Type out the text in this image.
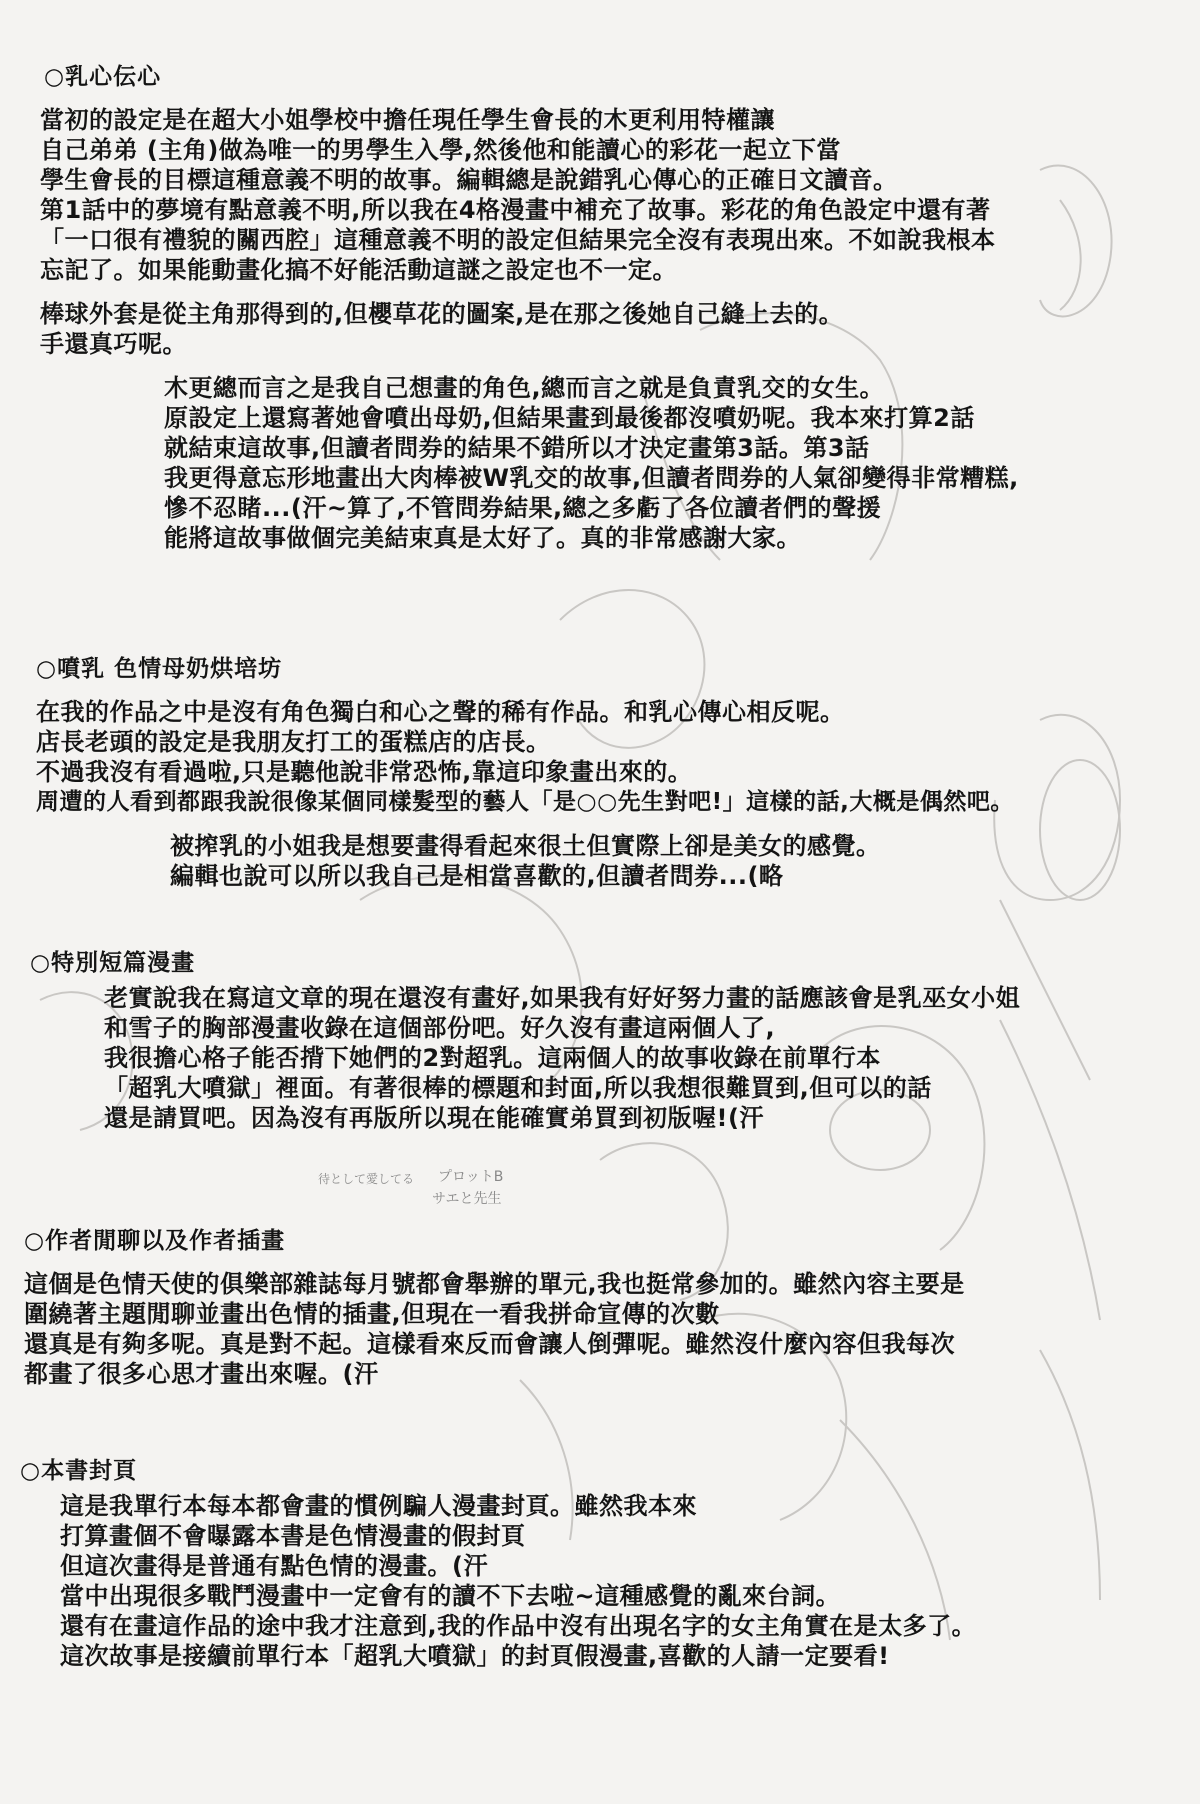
プロットB
サエと先生
待として愛してる
○乳心伝心
當初的設定是在超大小姐學校中擔任現任學生會長的木更利用特權讓
自己弟弟 (主角)做為唯一的男學生入學,然後他和能讀心的彩花一起立下當
學生會長的目標這種意義不明的故事。編輯總是說錯乳心傳心的正確日文讀音。
第1話中的夢境有點意義不明,所以我在4格漫畫中補充了故事。彩花的角色設定中還有著
「一口很有禮貌的關西腔」這種意義不明的設定但結果完全沒有表現出來。不如說我根本
忘記了。如果能動畫化搞不好能活動這謎之設定也不一定。
棒球外套是從主角那得到的,但櫻草花的圖案,是在那之後她自己縫上去的。
手還真巧呢。
木更總而言之是我自己想畫的角色,總而言之就是負責乳交的女生。
原設定上還寫著她會噴出母奶,但結果畫到最後都沒噴奶呢。我本來打算2話
就結束這故事,但讀者問券的結果不錯所以才決定畫第3話。第3話
我更得意忘形地畫出大肉棒被W乳交的故事,但讀者問券的人氣卻變得非常糟糕,
慘不忍睹...(汗~算了,不管問券結果,總之多虧了各位讀者們的聲援
能將這故事做個完美結束真是太好了。真的非常感謝大家。
○噴乳 色情母奶烘培坊
在我的作品之中是沒有角色獨白和心之聲的稀有作品。和乳心傳心相反呢。
店長老頭的設定是我朋友打工的蛋糕店的店長。
不過我沒有看過啦,只是聽他說非常恐怖,靠這印象畫出來的。
周遭的人看到都跟我說很像某個同樣髮型的藝人「是○○先生對吧!」這樣的話,大概是偶然吧。
被搾乳的小姐我是想要畫得看起來很土但實際上卻是美女的感覺。
編輯也說可以所以我自己是相當喜歡的,但讀者問券...(略
○特別短篇漫畫
老實說我在寫這文章的現在還沒有畫好,如果我有好好努力畫的話應該會是乳巫女小姐
和雪子的胸部漫畫收錄在這個部份吧。好久沒有畫這兩個人了,
我很擔心格子能否揹下她們的2對超乳。這兩個人的故事收錄在前單行本
「超乳大噴獄」裡面。有著很棒的標題和封面,所以我想很難買到,但可以的話
還是請買吧。因為沒有再版所以現在能確實弟買到初版喔!(汗
○作者閒聊以及作者插畫
這個是色情天使的俱樂部雜誌每月號都會舉辦的單元,我也挺常參加的。雖然內容主要是
圍繞著主題閒聊並畫出色情的插畫,但現在一看我拼命宣傳的次數
還真是有夠多呢。真是對不起。這樣看來反而會讓人倒彈呢。雖然沒什麼內容但我每次
都畫了很多心思才畫出來喔。(汗
○本書封頁
這是我單行本每本都會畫的慣例騙人漫畫封頁。雖然我本來
打算畫個不會曝露本書是色情漫畫的假封頁
但這次畫得是普通有點色情的漫畫。(汗
當中出現很多戰鬥漫畫中一定會有的讀不下去啦~這種感覺的亂來台詞。
還有在畫這作品的途中我才注意到,我的作品中沒有出現名字的女主角實在是太多了。
這次故事是接續前單行本「超乳大噴獄」的封頁假漫畫,喜歡的人請一定要看!
